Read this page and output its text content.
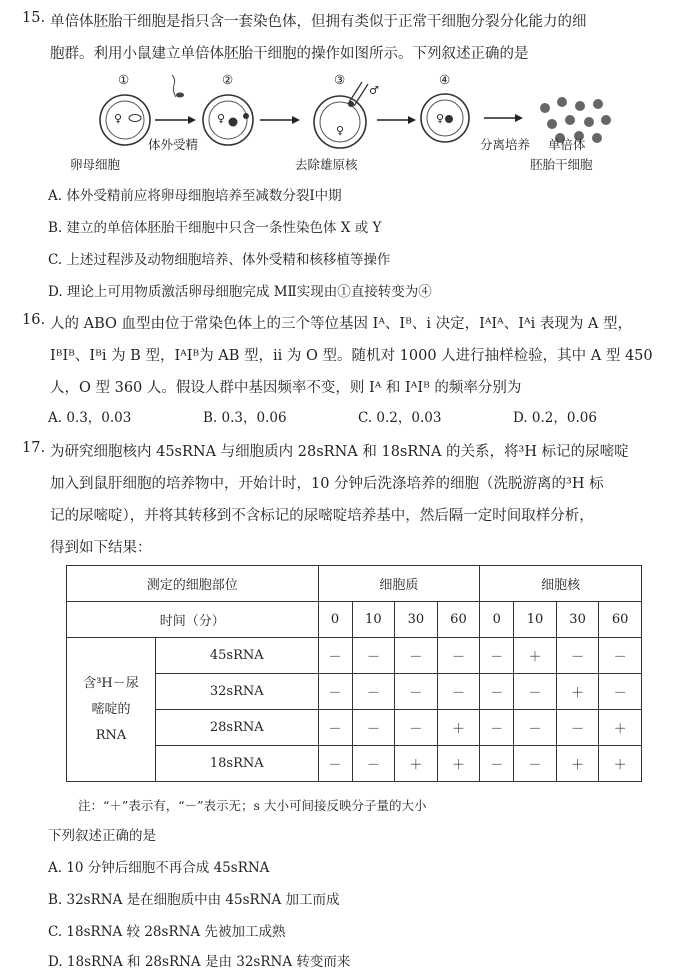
15. 单倍体胚胎干细胞是指只含一套染色体，但拥有类似于正常干细胞分裂分化能力的细
胞群。利用小鼠建立单倍体胚胎干细胞的操作如图所示。下列叙述正确的是
①	②	③	④
♀	♀
♀
♂
♀
体外受精
卵母细胞	去除雄原核
分离培养 单倍体
胚胎干细胞
A. 体外受精前应将卵母细胞培养至减数分裂Ⅰ中期
B. 建立的单倍体胚胎干细胞中只含一条性染色体 X 或 Y
C. 上述过程涉及动物细胞培养、体外受精和核移植等操作
D. 理论上可用物质激活卵母细胞完成 MⅡ实现由①直接转变为④
16. 人的 ABO 血型由位于常染色体上的三个等位基因 Iᴬ、Iᴮ、i 决定，IᴬIᴬ、Iᴬi 表现为 A 型，
IᴮIᴮ、Iᴮi 为 B 型，IᴬIᴮ为 AB 型，ii 为 O 型。随机对 1000 人进行抽样检验，其中 A 型 450
人，O 型 360 人。假设人群中基因频率不变，则 Iᴬ 和 IᴬIᴮ 的频率分别为
A. 0.3，0.03	B. 0.3，0.06	C. 0.2，0.03	D. 0.2，0.06
17. 为研究细胞核内 45sRNA 与细胞质内 28sRNA 和 18sRNA 的关系，将³H 标记的尿嘧啶
加入到鼠肝细胞的培养物中，开始计时，10 分钟后洗涤培养的细胞（洗脱游离的³H 标
记的尿嘧啶），并将其转移到不含标记的尿嘧啶培养基中，然后隔一定时间取样分析，
得到如下结果：
测定的细胞部位		细胞质				细胞核			
时间（分）		0	10	30	60	0	10	30	60

含³H－尿
嘧啶的
RNA	45sRNA	－	－	－	－	－	＋	－	－
	32sRNA	－	－	－	－	－	－	＋	－
	28sRNA	－	－	－	＋	－	－	－	＋
	18sRNA	－	－	＋	＋	－	－	＋	＋
注：“＋”表示有，“－”表示无；s 大小可间接反映分子量的大小
下列叙述正确的是
A. 10 分钟后细胞不再合成 45sRNA
B. 32sRNA 是在细胞质中由 45sRNA 加工而成
C. 18sRNA 较 28sRNA 先被加工成熟
D. 18sRNA 和 28sRNA 是由 32sRNA 转变而来
